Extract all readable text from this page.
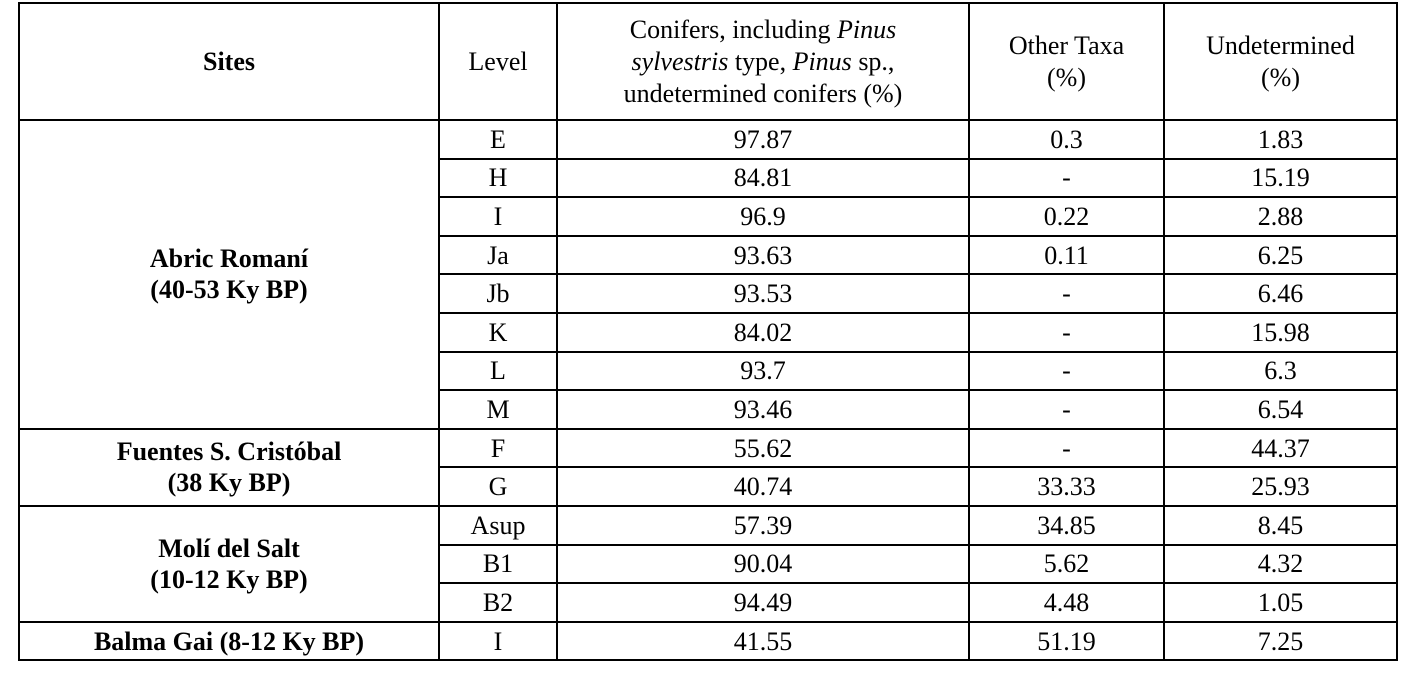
Sites	Level	Conifers, including Pinus
sylvestris type, Pinus sp.,
undetermined conifers (%)	Other Taxa
(%)	Undetermined
(%)

Abric Romaní
(40-53 Ky BP)	E	97.87	0.3	1.83
	H	84.81	-	15.19
	I	96.9	0.22	2.88
	Ja	93.63	0.11	6.25
	Jb	93.53	-	6.46
	K	84.02	-	15.98
	L	93.7	-	6.3
	M	93.46	-	6.54

Fuentes S. Cristóbal
(38 Ky BP)	F	55.62	-	44.37
	G	40.74	33.33	25.93

Molí del Salt
(10-12 Ky BP)	Asup	57.39	34.85	8.45
	B1	90.04	5.62	4.32
	B2	94.49	4.48	1.05

Balma Gai (8-12 Ky BP)	I	41.55	51.19	7.25
